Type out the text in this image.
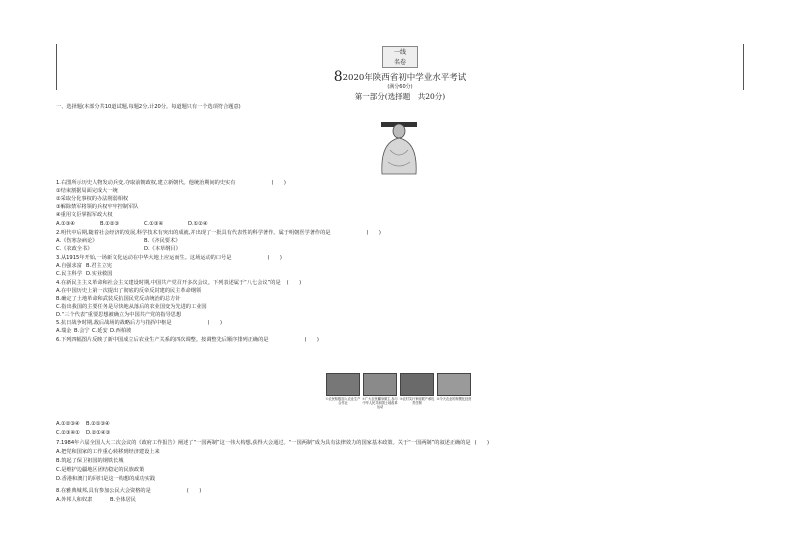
一线
名卷
82020年陕西省初中学业水平考试
(满分60分)
第一部分(选择题　共20分)
一、选择题(本部分共10道试题,每题2分,计20分。每道题只有一个选项符合题意)
1.右图所示历史人物发动兵变,夺取前朝政权,建立新朝代。他统治期间的史实有	(　　)
①结束割据局面完成大一统
②采取分化事权的办法削弱相权
③解除禁军将领的兵权牢牢控制军队
④重用文臣掌握军政大权
A.①③④	B.①②③	C.①③④	D.①②④
2.明代中后期,随着社会经济的发展,科学技术有突出的成就,并出现了一批具有代表性的科学著作。属于明朝医学著作的是	(　　)
A.《伤寒杂病论》	B.《齐民要术》
C.《农政全书》	D.《本草纲目》
3.从1915年开始,一场新文化运动在中华大地上应运而生。这场运动的口号是	(　　)
A.自强求富 B.君主立宪
C.民主科学 D.实业救国
4.在新民主主义革命和社会主义建设时期,中国共产党召开多次会议。下列表述属于“八七会议”的是 (　　)
A.在中国历史上第一次提出了彻底的反帝反封建的民主革命纲领
B.确定了土地革命和武装反抗国民党反动统治的总方针
C.指出我国的主要任务是尽快地从落后的农业国变为先进的工业国
D.“三个代表”重要思想被确立为中国共产党的指导思想
5.抗日战争时期,敌后战场的战略后方与指挥中枢是	(　　)
A.瑞金 B.会宁 C.延安 D.西柏坡
6.下列四幅图片反映了新中国成立后农业生产关系的四次调整。按调整先后顺序排列正确的是	(　　)
①农民积极加入农业生产合作社
②广大农民翻身做主,参与中华人民共和国土地改革运动
③农村实行家庭联产承包责任制
④今天农业的规模化经营
A.①②③④ B.②①③④
C.②③④① D.②①④③
7.1984年六届全国人大二次会议的《政府工作报告》阐述了“一国两制”这一伟大构想,获得大会通过。“一国两制”成为具有法律效力的国家基本政策。关于“一国两制”的叙述正确的是 (　　)
A.把党和国家的工作重心转移到经济建设上来
B.筑起了保卫祖国的钢铁长城
C.是维护边疆地区团结稳定的民族政策
D.香港和澳门的回归是这一构想的成功实践
8.在雅典城邦,具有参加公民大会资格的是	(　　)
A.外邦人和奴隶	B.全体居民
